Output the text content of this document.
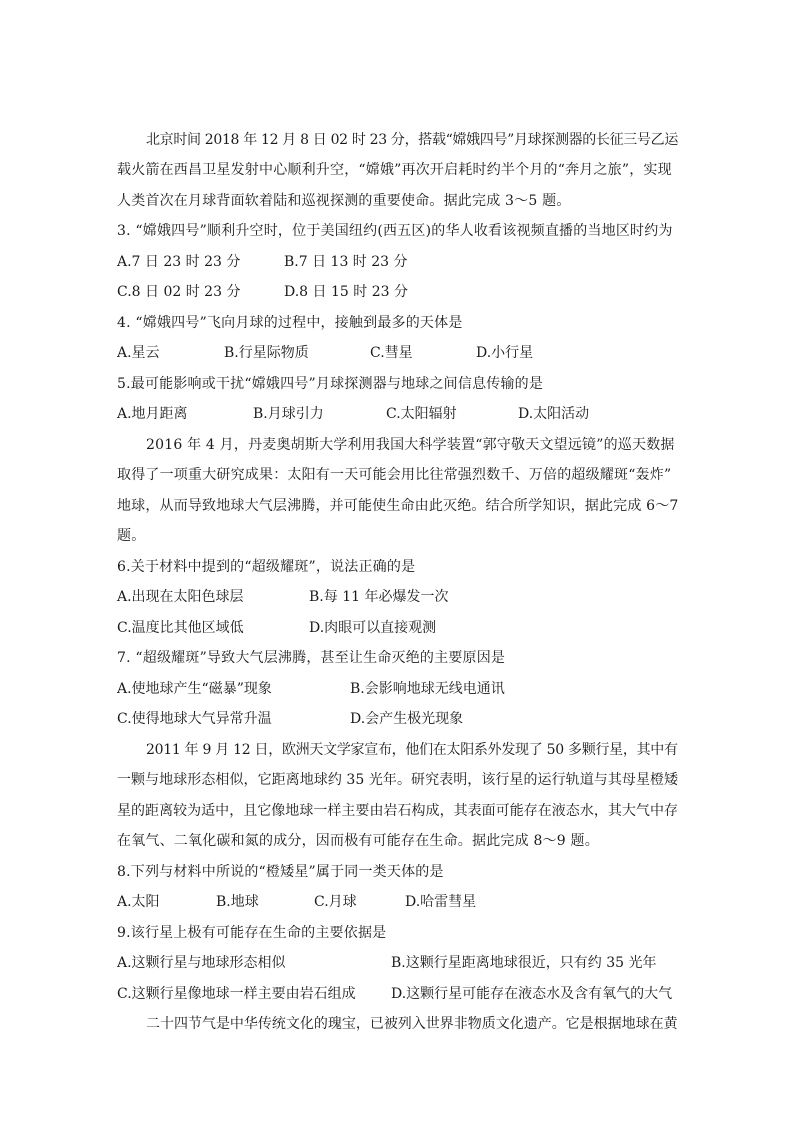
北京时间 2018 年 12 月 8 日 02 时 23 分，搭载“嫦娥四号”月球探测器的长征三号乙运
载火箭在西昌卫星发射中心顺利升空，“嫦娥”再次开启耗时约半个月的“奔月之旅”，实现
人类首次在月球背面软着陆和巡视探测的重要使命。据此完成 3～5 题。
3. “嫦娥四号”顺利升空时，位于美国纽约(西五区)的华人收看该视频直播的当地区时约为
A.7 日 23 时 23 分	B.7 日 13 时 23 分
C.8 日 02 时 23 分	D.8 日 15 时 23 分
4. “嫦娥四号”飞向月球的过程中，接触到最多的天体是
A.星云	B.行星际物质	C.彗星	D.小行星
5.最可能影响或干扰“嫦娥四号”月球探测器与地球之间信息传输的是
A.地月距离	B.月球引力	C.太阳辐射	D.太阳活动
2016 年 4 月，丹麦奥胡斯大学利用我国大科学装置“郭守敬天文望远镜”的巡天数据
取得了一项重大研究成果：太阳有一天可能会用比往常强烈数千、万倍的超级耀斑“轰炸”
地球，从而导致地球大气层沸腾，并可能使生命由此灭绝。结合所学知识，据此完成 6～7
题。
6.关于材料中提到的“超级耀斑”，说法正确的是
A.出现在太阳色球层	B.每 11 年必爆发一次
C.温度比其他区域低	D.肉眼可以直接观测
7. “超级耀斑”导致大气层沸腾，甚至让生命灭绝的主要原因是
A.使地球产生“磁暴”现象	B.会影响地球无线电通讯
C.使得地球大气异常升温	D.会产生极光现象
2011 年 9 月 12 日，欧洲天文学家宣布，他们在太阳系外发现了 50 多颗行星，其中有
一颗与地球形态相似，它距离地球约 35 光年。研究表明，该行星的运行轨道与其母星橙矮
星的距离较为适中，且它像地球一样主要由岩石构成，其表面可能存在液态水，其大气中存
在氧气、二氧化碳和氮的成分，因而极有可能存在生命。据此完成 8～9 题。
8.下列与材料中所说的“橙矮星”属于同一类天体的是
A.太阳	B.地球	C.月球	D.哈雷彗星
9.该行星上极有可能存在生命的主要依据是
A.这颗行星与地球形态相似	B.这颗行星距离地球很近，只有约 35 光年
C.这颗行星像地球一样主要由岩石组成	D.这颗行星可能存在液态水及含有氧气的大气
二十四节气是中华传统文化的瑰宝，已被列入世界非物质文化遗产。它是根据地球在黄
